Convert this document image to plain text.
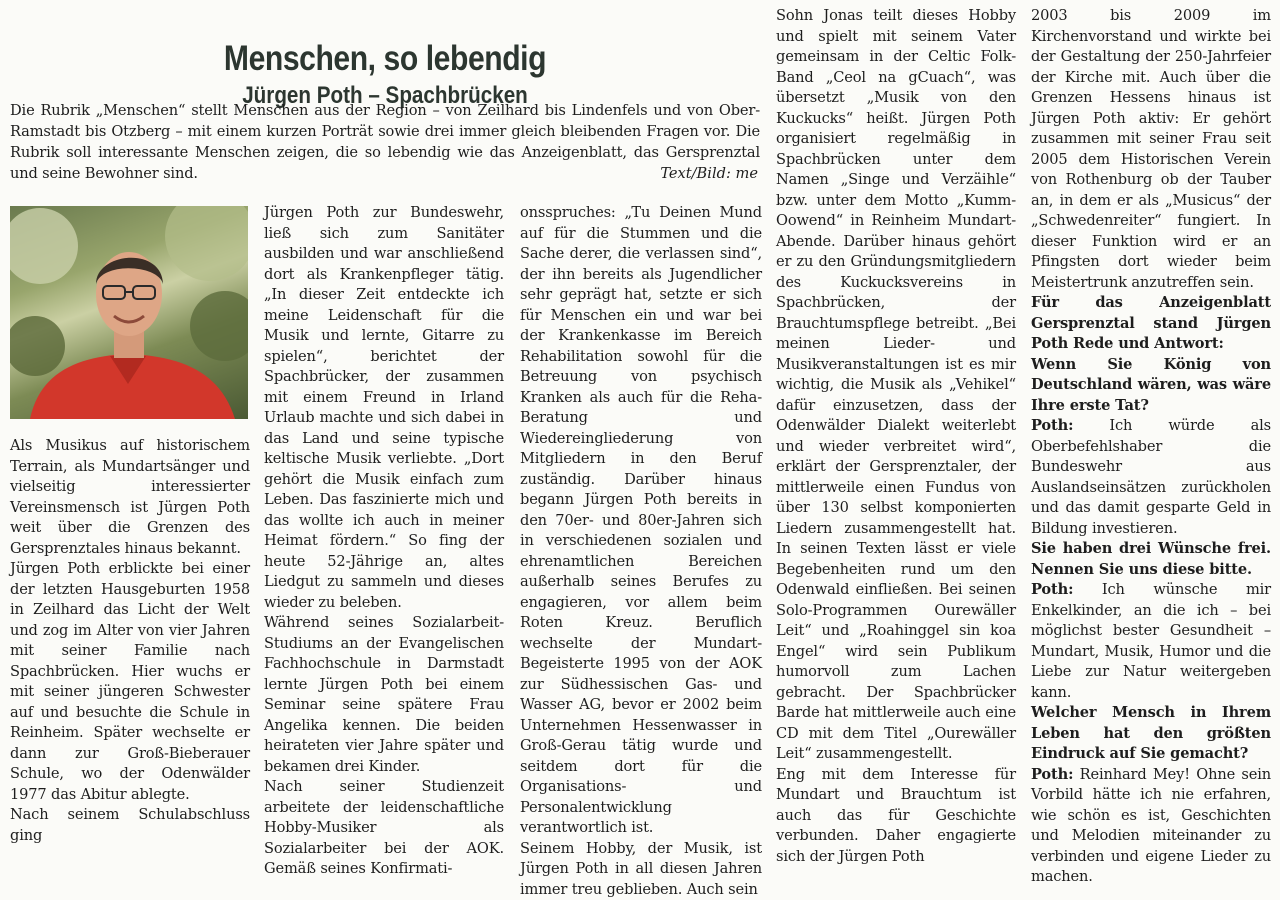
Menschen, so lebendig
Jürgen Poth – Spachbrücken
Die Rubrik „Menschen“ stellt Menschen aus der Region – von Zeilhard bis Lindenfels und von Ober-Ramstadt bis Otzberg – mit einem kurzen Porträt sowie drei immer gleich bleibenden Fragen vor. Die Rubrik soll interessante Menschen zeigen, die so lebendig wie das Anzeigenblatt, das Gersprenztal und seine Bewohner sind.	Text/Bild: me

Als Musikus auf historischem Terrain, als Mundartsänger und vielseitig interessierter Vereinsmensch ist Jürgen Poth weit über die Grenzen des Gersprenztales hinaus bekannt.

Jürgen Poth erblickte bei einer der letzten Hausgeburten 1958 in Zeilhard das Licht der Welt und zog im Alter von vier Jahren mit seiner Familie nach Spachbrücken. Hier wuchs er mit seiner jüngeren Schwester auf und besuchte die Schule in Reinheim. Später wechselte er dann zur Groß-Bieberauer Schule, wo der Odenwälder 1977 das Abitur ablegte.

Nach seinem Schulabschluss ging

Jürgen Poth zur Bundeswehr, ließ sich zum Sanitäter ausbilden und war anschließend dort als Krankenpfleger tätig. „In dieser Zeit entdeckte ich meine Leidenschaft für die Musik und lernte, Gitarre zu spielen“, berichtet der Spachbrücker, der zusammen mit einem Freund in Irland Urlaub machte und sich dabei in das Land und seine typische keltische Musik verliebte. „Dort gehört die Musik einfach zum Leben. Das faszinierte mich und das wollte ich auch in meiner Heimat fördern.“ So fing der heute 52-Jährige an, altes Liedgut zu sammeln und dieses wieder zu beleben.

Während seines Sozialarbeit-Studiums an der Evangelischen Fachhochschule in Darmstadt lernte Jürgen Poth bei einem Seminar seine spätere Frau Angelika kennen. Die beiden heirateten vier Jahre später und bekamen drei Kinder.

Nach seiner Studienzeit arbeitete der leidenschaftliche Hobby-Musiker als Sozialarbeiter bei der AOK. Gemäß seines Konfirmati-

onsspruches: „Tu Deinen Mund auf für die Stummen und die Sache derer, die verlassen sind“, der ihn bereits als Jugendlicher sehr geprägt hat, setzte er sich für Menschen ein und war bei der Krankenkasse im Bereich Rehabilitation sowohl für die Betreuung von psychisch Kranken als auch für die Reha-Beratung und Wiedereingliederung von Mitgliedern in den Beruf zuständig. Darüber hinaus begann Jürgen Poth bereits in den 70er- und 80er-Jahren sich in verschiedenen sozialen und ehrenamtlichen Bereichen außerhalb seines Berufes zu engagieren, vor allem beim Roten Kreuz. Beruflich wechselte der Mundart-Begeisterte 1995 von der AOK zur Südhessischen Gas- und Wasser AG, bevor er 2002 beim Unternehmen Hessenwasser in Groß-Gerau tätig wurde und seitdem dort für die Organisations- und Personalentwicklung verantwortlich ist.

Seinem Hobby, der Musik, ist Jürgen Poth in all diesen Jahren immer treu geblieben. Auch sein

Sohn Jonas teilt dieses Hobby und spielt mit seinem Vater gemeinsam in der Celtic Folk-Band „Ceol na gCuach“, was übersetzt „Musik von den Kuckucks“ heißt. Jürgen Poth organisiert regelmäßig in Spachbrücken unter dem Namen „Singe und Verzäihle“ bzw. unter dem Motto „Kumm-Oowend“ in Reinheim Mundart-Abende. Darüber hinaus gehört er zu den Gründungsmitgliedern des Kuckucksvereins in Spachbrücken, der Brauchtumspflege betreibt. „Bei meinen Lieder- und Musikveranstaltungen ist es mir wichtig, die Musik als „Vehikel“ dafür einzusetzen, dass der Odenwälder Dialekt weiterlebt und wieder verbreitet wird“, erklärt der Gersprenztaler, der mittlerweile einen Fundus von über 130 selbst komponierten Liedern zusammengestellt hat. In seinen Texten lässt er viele Begebenheiten rund um den Odenwald einfließen. Bei seinen Solo-Programmen Ourewäller Leit“ und „Roahinggel sin koa Engel“ wird sein Publikum humorvoll zum Lachen gebracht. Der Spachbrücker Barde hat mittlerweile auch eine CD mit dem Titel „Ourewäller Leit“ zusammengestellt.

Eng mit dem Interesse für Mundart und Brauchtum ist auch das für Geschichte verbunden. Daher engagierte sich der Jürgen Poth

2003 bis 2009 im Kirchenvorstand und wirkte bei der Gestaltung der 250-Jahrfeier der Kirche mit. Auch über die Grenzen Hessens hinaus ist Jürgen Poth aktiv: Er gehört zusammen mit seiner Frau seit 2005 dem Historischen Verein von Rothenburg ob der Tauber an, in dem er als „Musicus“ der „Schwedenreiter“ fungiert. In dieser Funktion wird er an Pfingsten dort wieder beim Meistertrunk anzutreffen sein.

Für das Anzeigenblatt Gersprenztal stand Jürgen Poth Rede und Antwort:

Wenn Sie König von Deutschland wären, was wäre Ihre erste Tat?

Poth: Ich würde als Oberbefehlshaber die Bundeswehr aus Auslandseinsätzen zurückholen und das damit gesparte Geld in Bildung investieren.

Sie haben drei Wünsche frei. Nennen Sie uns diese bitte.

Poth: Ich wünsche mir Enkelkinder, an die ich – bei möglichst bester Gesundheit – Mundart, Musik, Humor und die Liebe zur Natur weitergeben kann.

Welcher Mensch in Ihrem Leben hat den größten Eindruck auf Sie gemacht?

Poth: Reinhard Mey! Ohne sein Vorbild hätte ich nie erfahren, wie schön es ist, Geschichten und Melodien miteinander zu verbinden und eigene Lieder zu machen.
